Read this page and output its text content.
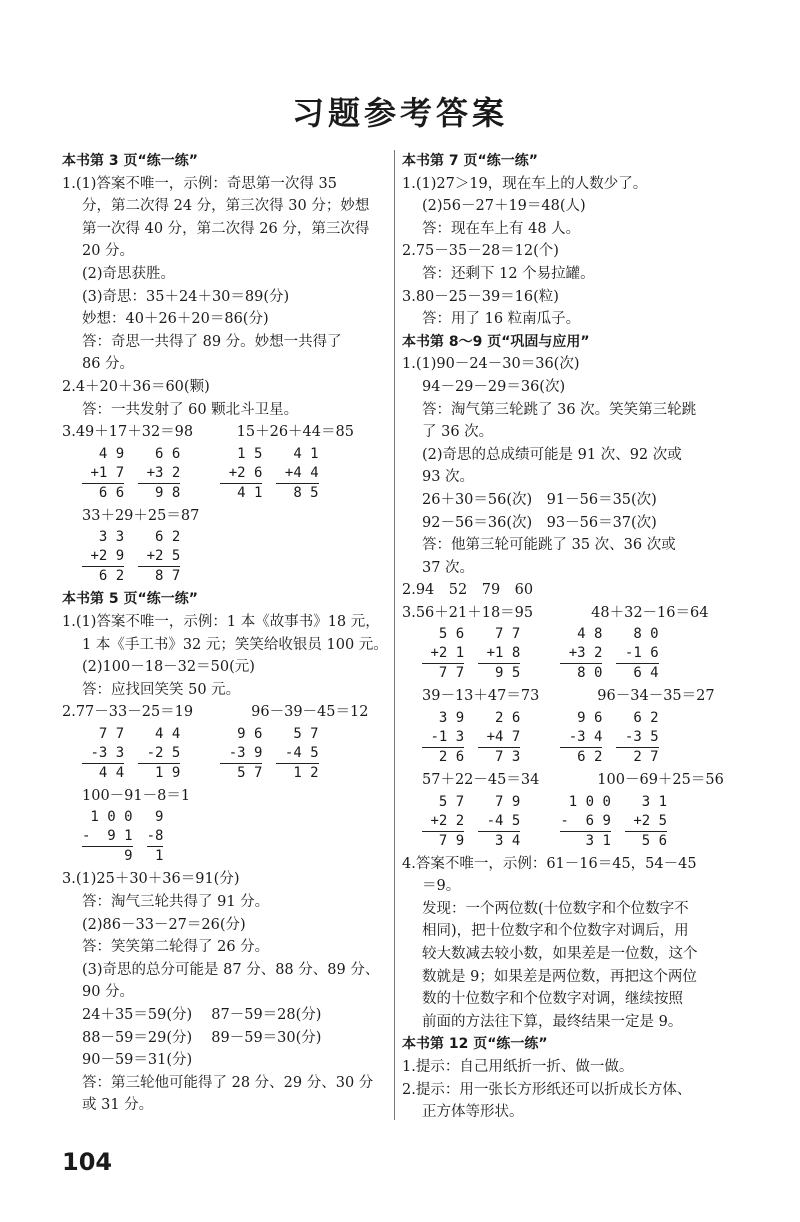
习题参考答案
本书第 3 页“练一练”
1.(1)答案不唯一，示例：奇思第一次得 35
分，第二次得 24 分，第三次得 30 分；妙想
第一次得 40 分，第二次得 26 分，第三次得
20 分。
(2)奇思获胜。
(3)奇思：35＋24＋30＝89(分)
妙想：40＋26＋20＝86(分)
答：奇思一共得了 89 分。妙想一共得了
86 分。
2.4＋20＋36＝60(颗)
答：一共发射了 60 颗北斗卫星。
3.49＋17＋32＝98　　　15＋26＋44＝85
4 9
+1 7
6 6
6 6
+3 2
9 8
1 5
+2 6
4 1
4 1
+4 4
8 5
33＋29＋25＝87
3 3
+2 9
6 2
6 2
+2 5
8 7
本书第 5 页“练一练”
1.(1)答案不唯一，示例：1 本《故事书》18 元，
1 本《手工书》32 元；笑笑给收银员 100 元。
(2)100－18－32＝50(元)
答：应找回笑笑 50 元。
2.77－33－25＝19　　　　96－39－45＝12
7 7
-3 3
4 4
4 4
-2 5
1 9
9 6
-3 9
5 7
5 7
-4 5
1 2
100－91－8＝1
1 0 0
-  9 1
9
9
-8
1
3.(1)25＋30＋36＝91(分)
答：淘气三轮共得了 91 分。
(2)86－33－27＝26(分)
答：笑笑第二轮得了 26 分。
(3)奇思的总分可能是 87 分、88 分、89 分、
90 分。
24＋35＝59(分)　 87－59＝28(分)
88－59＝29(分)　 89－59＝30(分)
90－59＝31(分)
答：第三轮他可能得了 28 分、29 分、30 分
或 31 分。
本书第 7 页“练一练”
1.(1)27＞19，现在车上的人数少了。
(2)56－27＋19＝48(人)
答：现在车上有 48 人。
2.75－35－28＝12(个)
答：还剩下 12 个易拉罐。
3.80－25－39＝16(粒)
答：用了 16 粒南瓜子。
本书第 8～9 页“巩固与应用”
1.(1)90－24－30＝36(次)
94－29－29＝36(次)
答：淘气第三轮跳了 36 次。笑笑第三轮跳
了 36 次。
(2)奇思的总成绩可能是 91 次、92 次或
93 次。
26＋30＝56(次)　91－56＝35(次)
92－56＝36(次)　93－56＝37(次)
答：他第三轮可能跳了 35 次、36 次或
37 次。
2.94　52　79　60
3.56＋21＋18＝95　　　　48＋32－16＝64
5 6
+2 1
7 7
7 7
+1 8
9 5
4 8
+3 2
8 0
8 0
-1 6
6 4
39－13＋47＝73　　　　96－34－35＝27
3 9
-1 3
2 6
2 6
+4 7
7 3
9 6
-3 4
6 2
6 2
-3 5
2 7
57＋22－45＝34　　　　100－69＋25＝56
5 7
+2 2
7 9
7 9
-4 5
3 4
1 0 0
-  6 9
3 1
3 1
+2 5
5 6
4.答案不唯一，示例：61－16＝45，54－45
＝9。
发现：一个两位数(十位数字和个位数字不
相同)，把十位数字和个位数字对调后，用
较大数减去较小数，如果差是一位数，这个
数就是 9；如果差是两位数，再把这个两位
数的十位数字和个位数字对调，继续按照
前面的方法往下算，最终结果一定是 9。
本书第 12 页“练一练”
1.提示：自己用纸折一折、做一做。
2.提示：用一张长方形纸还可以折成长方体、
正方体等形状。
104
